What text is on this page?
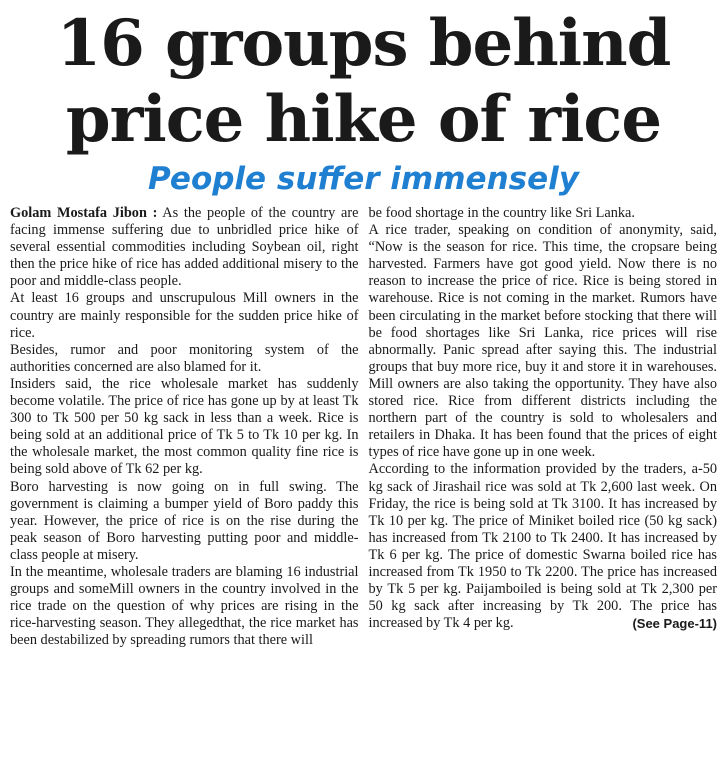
16 groups behind
price hike of rice
People suffer immensely

Golam Mostafa Jibon : As the people of the country are facing immense suffering due to unbridled price hike of several essential commodities including Soybean oil, right then the price hike of rice has added additional misery to the poor and middle-class people.

At least 16 groups and unscrupulous Mill owners in the country are mainly responsible for the sudden price hike of rice.

Besides, rumor and poor monitoring system of the authorities concerned are also blamed for it.

Insiders said, the rice wholesale market has suddenly become volatile. The price of rice has gone up by at least Tk 300 to Tk 500 per 50 kg sack in less than a week. Rice is being sold at an additional price of Tk 5 to Tk 10 per kg. In the wholesale market, the most common quality fine rice is being sold above of Tk 62 per kg.

Boro harvesting is now going on in full swing. The government is claiming a bumper yield of Boro paddy this year. However, the price of rice is on the rise during the peak season of Boro harvesting putting poor and middle-class people at misery.

In the meantime, wholesale traders are blaming 16 industrial groups and someMill owners in the country involved in the rice trade on the question of why prices are rising in the rice-harvesting season. They allegedthat, the rice market has been destabilized by spreading rumors that there will

be food shortage in the country like Sri Lanka.

A rice trader, speaking on condition of anonymity, said, “Now is the season for rice. This time, the cropsare being harvested. Farmers have got good yield. Now there is no reason to increase the price of rice. Rice is being stored in warehouse. Rice is not coming in the market. Rumors have been circulating in the market before stocking that there will be food shortages like Sri Lanka, rice prices will rise abnormally. Panic spread after saying this. The industrial groups that buy more rice, buy it and store it in warehouses. Mill owners are also taking the opportunity. They have also stored rice. Rice from different districts including the northern part of the country is sold to wholesalers and retailers in Dhaka. It has been found that the prices of eight types of rice have gone up in one week.

According to the information provided by the traders, a-50 kg sack of Jirashail rice was sold at Tk 2,600 last week. On Friday, the rice is being sold at Tk 3100. It has increased by Tk 10 per kg. The price of Miniket boiled rice (50 kg sack) has increased from Tk 2100 to Tk 2400. It has increased by Tk 6 per kg. The price of domestic Swarna boiled rice has increased from Tk 1950 to Tk 2200. The price has increased by Tk 5 per kg. Paijamboiled is being sold at Tk 2,300 per 50 kg sack after increasing by Tk 200. The price has increased by Tk 4 per kg.	(See Page-11)
